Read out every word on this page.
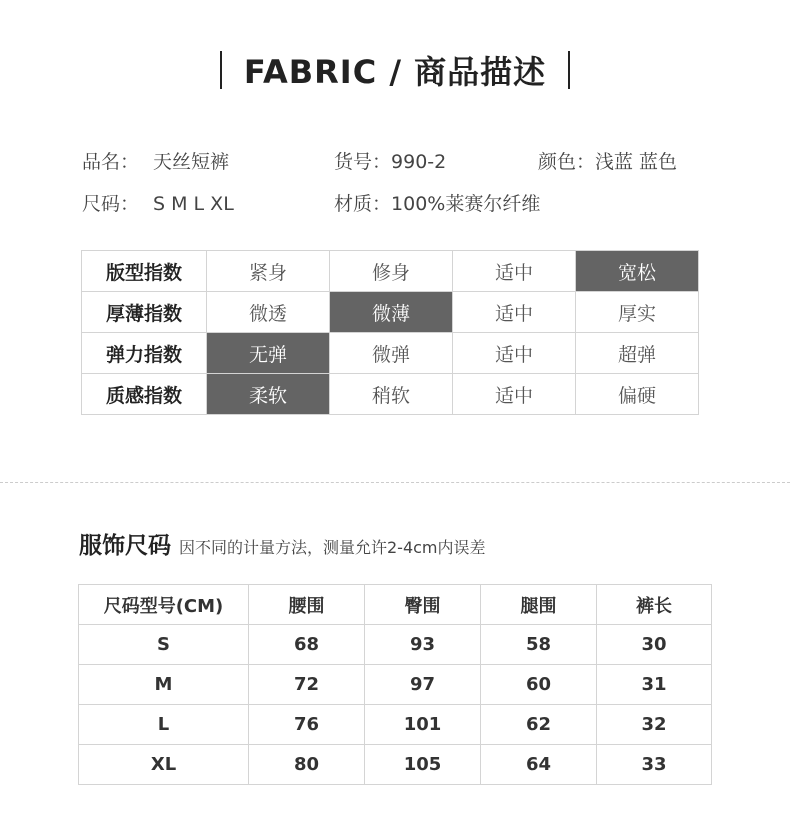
FABRIC / 商品描述
品名： 天丝短裤	货号：990-2	颜色：浅蓝 蓝色
尺码： S M L XL	材质：100%莱赛尔纤维
版型指数	紧身	修身	适中	宽松
厚薄指数	微透	微薄	适中	厚实
弹力指数	无弹	微弹	适中	超弹
质感指数	柔软	稍软	适中	偏硬
服饰尺码 因不同的计量方法，测量允许2-4cm内误差
尺码型号(CM)	腰围	臀围	腿围	裤长
S	68	93	58	30
M	72	97	60	31
L	76	101	62	32
XL	80	105	64	33
